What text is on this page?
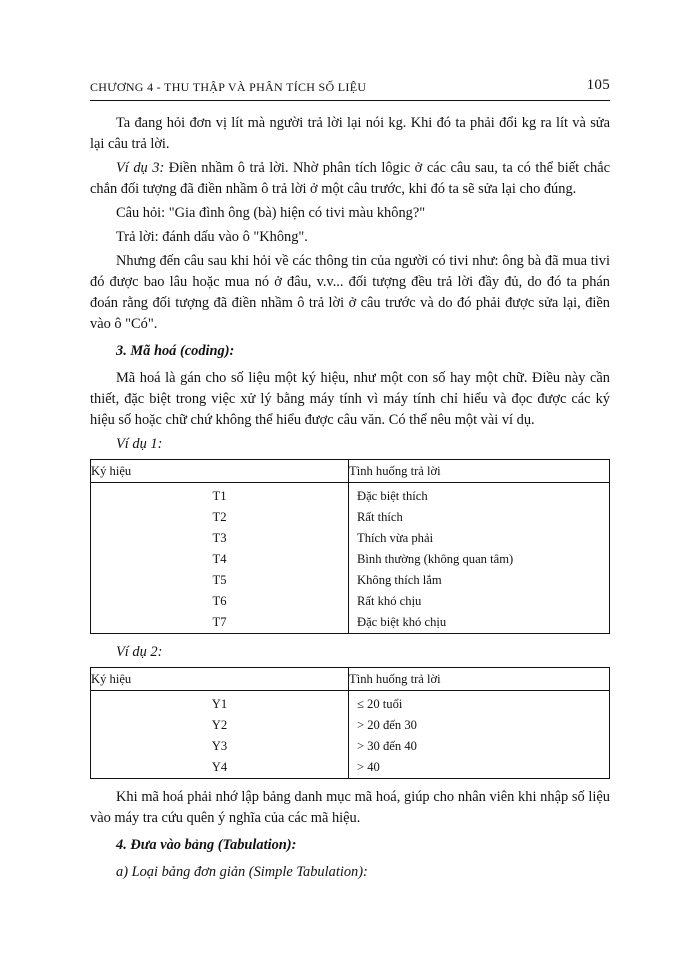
CHƯƠNG 4 - THU THẬP VÀ PHÂN TÍCH SỐ LIỆU	105

Ta đang hỏi đơn vị lít mà người trả lời lại nói kg. Khi đó ta phải đổi kg ra lít và sửa lại câu trả lời.

Ví dụ 3: Điền nhầm ô trả lời. Nhờ phân tích lôgic ở các câu sau, ta có thể biết chắc chắn đối tượng đã điền nhầm ô trả lời ở một câu trước, khi đó ta sẽ sửa lại cho đúng.

Câu hỏi: "Gia đình ông (bà) hiện có tivi màu không?"

Trả lời: đánh dấu vào ô "Không".

Nhưng đến câu sau khi hỏi về các thông tin của người có tivi như: ông bà đã mua tivi đó được bao lâu hoặc mua nó ở đâu, v.v... đối tượng đều trả lời đầy đủ, do đó ta phán đoán rằng đối tượng đã điền nhầm ô trả lời ở câu trước và do đó phải được sửa lại, điền vào ô "Có".

3. Mã hoá (coding):

Mã hoá là gán cho số liệu một ký hiệu, như một con số hay một chữ. Điều này cần thiết, đặc biệt trong việc xử lý bằng máy tính vì máy tính chỉ hiểu và đọc được các ký hiệu số hoặc chữ chứ không thể hiểu được câu văn. Có thể nêu một vài ví dụ.

Ví dụ 1:
Ký hiệu	Tình huống trả lời
T1	Đặc biệt thích
T2	Rất thích
T3	Thích vừa phải
T4	Bình thường (không quan tâm)
T5	Không thích lắm
T6	Rất khó chịu
T7	Đặc biệt khó chịu
Ví dụ 2:
Ký hiệu	Tình huống trả lời
Y1	≤ 20 tuổi
Y2	> 20 đến 30
Y3	> 30 đến 40
Y4	> 40

Khi mã hoá phải nhớ lập bảng danh mục mã hoá, giúp cho nhân viên khi nhập số liệu vào máy tra cứu quên ý nghĩa của các mã hiệu.

4. Đưa vào bảng (Tabulation):

a) Loại bảng đơn giản (Simple Tabulation):
